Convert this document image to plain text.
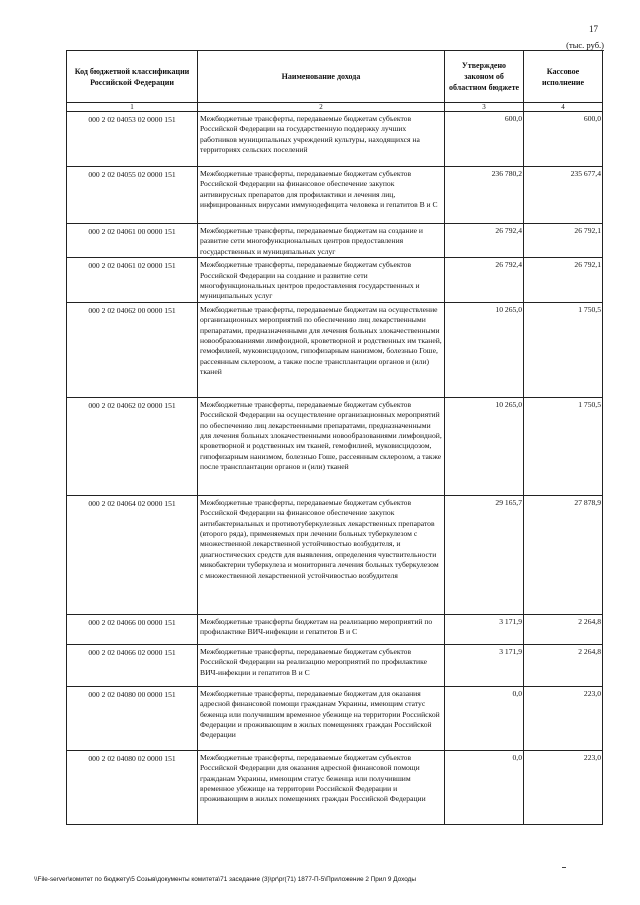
17
(тыс. руб.)
Код бюджетной классификации Российской Федерации	Наименование дохода	Утверждено законом об областном бюджете	Кассовое исполнение
1	2	3	4
000 2 02 04053 02 0000 151	Межбюджетные трансферты, передаваемые бюджетам субъектов Российской Федерации на государственную поддержку лучших работников муниципальных учреждений культуры, находящихся на территориях сельских поселений	600,0	600,0
000 2 02 04055 02 0000 151	Межбюджетные трансферты, передаваемые бюджетам субъектов Российской Федерации на финансовое обеспечение закупок антивирусных препаратов для профилактики и лечения лиц, инфицированных вирусами иммунодефицита человека и гепатитов В и С	236 780,2	235 677,4
000 2 02 04061 00 0000 151	Межбюджетные трансферты, передаваемые бюджетам на создание и развитие сети многофункциональных центров предоставления государственных и муниципальных услуг	26 792,4	26 792,1
000 2 02 04061 02 0000 151	Межбюджетные трансферты, передаваемые бюджетам субъектов Российской Федерации на создание и развитие сети многофункциональных центров предоставления государственных и муниципальных услуг	26 792,4	26 792,1
000 2 02 04062 00 0000 151	Межбюджетные трансферты, передаваемые бюджетам на осуществление организационных мероприятий по обеспечению лиц лекарственными препаратами, предназначенными для лечения больных злокачественными новообразованиями лимфоидной, кроветворной и родственных им тканей, гемофилией, муковисцидозом, гипофизарным нанизмом, болезнью Гоше, рассеянным склерозом, а также после трансплантации органов и (или) тканей	10 265,0	1 750,5
000 2 02 04062 02 0000 151	Межбюджетные трансферты, передаваемые бюджетам субъектов Российской Федерации на осуществление организационных мероприятий по обеспечению лиц лекарственными препаратами, предназначенными для лечения больных злокачественными новообразованиями лимфоидной, кроветворной и родственных им тканей, гемофилией, муковисцидозом, гипофизарным нанизмом, болезнью Гоше, рассеянным склерозом, а также после трансплантации органов и (или) тканей	10 265,0	1 750,5
000 2 02 04064 02 0000 151	Межбюджетные трансферты, передаваемые бюджетам субъектов Российской Федерации на финансовое обеспечение закупок антибактериальных и противотуберкулезных лекарственных препаратов (второго ряда), применяемых при лечении больных туберкулезом с множественной лекарственной устойчивостью возбудителя, и диагностических средств для выявления, определения чувствительности микобактерии туберкулеза и мониторинга лечения больных туберкулезом с множественной лекарственной устойчивостью возбудителя	29 165,7	27 878,9
000 2 02 04066 00 0000 151	Межбюджетные трансферты бюджетам на реализацию мероприятий по профилактике ВИЧ-инфекции и гепатитов В и С	3 171,9	2 264,8
000 2 02 04066 02 0000 151	Межбюджетные трансферты, передаваемые бюджетам субъектов Российской Федерации на реализацию мероприятий по профилактике ВИЧ-инфекции и гепатитов В и С	3 171,9	2 264,8
000 2 02 04080 00 0000 151	Межбюджетные трансферты, передаваемые бюджетам для оказания адресной финансовой помощи гражданам Украины, имеющим статус беженца или получившим временное убежище на территории Российской Федерации и проживающим в жилых помещениях граждан Российской Федерации	0,0	223,0
000 2 02 04080 02 0000 151	Межбюджетные трансферты, передаваемые бюджетам субъектов Российской Федерации для оказания адресной финансовой помощи гражданам Украины, имеющим статус беженца или получившим временное убежище на территории Российской Федерации и проживающим в жилых помещениях граждан Российской Федерации	0,0	223,0
\\File-server\комитет по бюджету\5 Созыв\документы комитета\71 заседание (3)\pr\pr(71) 1877-П-5\Приложение 2 Прил 9 Доходы
